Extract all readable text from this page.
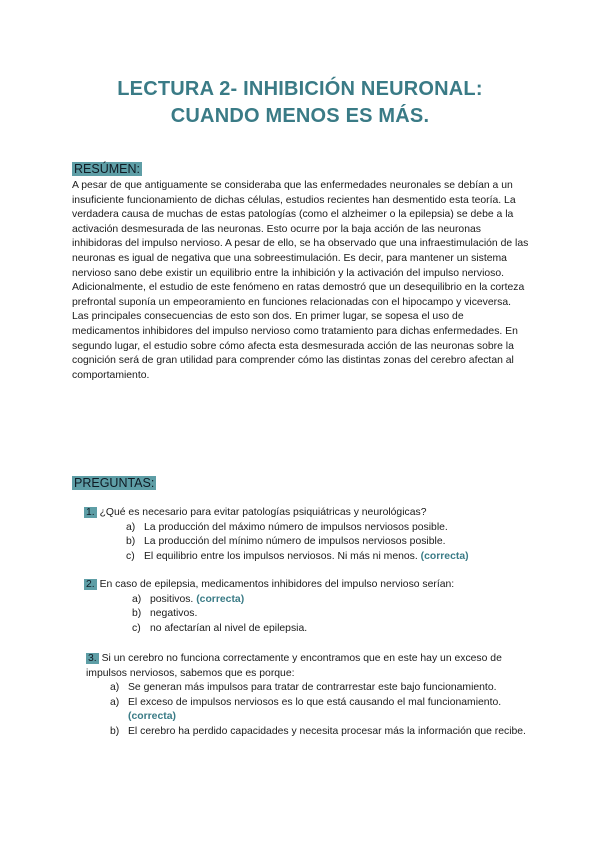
LECTURA 2- INHIBICIÓN NEURONAL:
CUANDO MENOS ES MÁS.
RESÚMEN:

A pesar de que antiguamente se consideraba que las enfermedades neuronales se debían a un insuficiente funcionamiento de dichas células, estudios recientes han desmentido esta teoría. La verdadera causa de muchas de estas patologías (como el alzheimer o la epilepsia) se debe a la activación desmesurada de las neuronas. Esto ocurre por la baja acción de las neuronas inhibidoras del impulso nervioso. A pesar de ello, se ha observado que una infraestimulación de las neuronas es igual de negativa que una sobreestimulación. Es decir, para mantener un sistema nervioso sano debe existir un equilibrio entre la inhibición y la activación del impulso nervioso.

Adicionalmente, el estudio de este fenómeno en ratas demostró que un desequilibrio en la corteza prefrontal suponía un empeoramiento en funciones relacionadas con el hipocampo y viceversa.

Las principales consecuencias de esto son dos. En primer lugar, se sopesa el uso de medicamentos inhibidores del impulso nervioso como tratamiento para dichas enfermedades. En segundo lugar, el estudio sobre cómo afecta esta desmesurada acción de las neuronas sobre la cognición será de gran utilidad para comprender cómo las distintas zonas del cerebro afectan al comportamiento.

PREGUNTAS:

1. ¿Qué es necesario para evitar patologías psiquiátricas y neurológicas?

a) La producción del máximo número de impulsos nerviosos posible.
b) La producción del mínimo número de impulsos nerviosos posible.
c) El equilibrio entre los impulsos nerviosos. Ni más ni menos. (correcta)

2. En caso de epilepsia, medicamentos inhibidores del impulso nervioso serían:

a) positivos. (correcta)
b) negativos.
c) no afectarían al nivel de epilepsia.

3. Si un cerebro no funciona correctamente y encontramos que en este hay un exceso de impulsos nerviosos, sabemos que es porque:

a) Se generan más impulsos para tratar de contrarrestar este bajo funcionamiento.
a) El exceso de impulsos nerviosos es lo que está causando el mal funcionamiento. (correcta)
b) El cerebro ha perdido capacidades y necesita procesar más la información que recibe.
